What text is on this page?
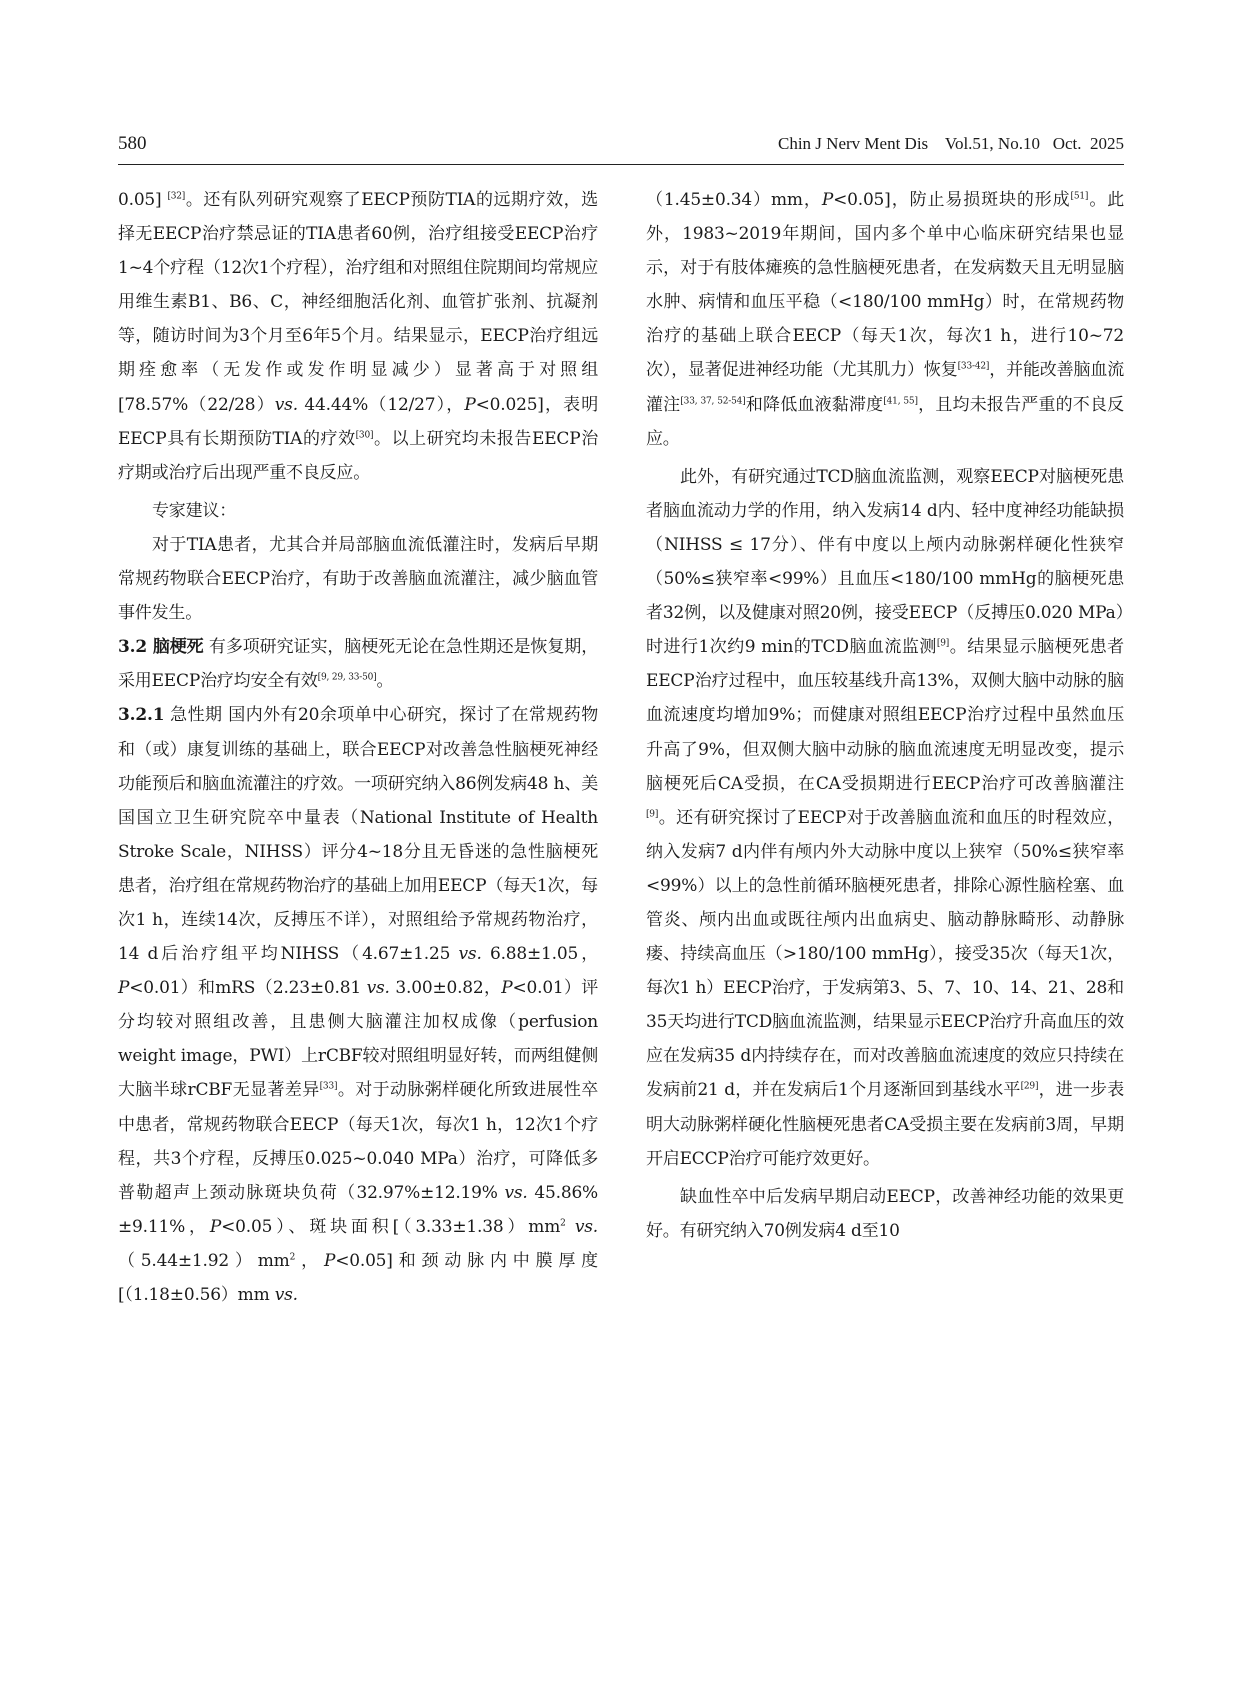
580	Chin J Nerv Ment Dis    Vol.51, No.10   Oct.  2025

0.05] [32]。还有队列研究观察了EECP预防TIA的远期疗效，选择无EECP治疗禁忌证的TIA患者60例，治疗组接受EECP治疗1~4个疗程（12次1个疗程），治疗组和对照组住院期间均常规应用维生素B1、B6、C，神经细胞活化剂、血管扩张剂、抗凝剂等，随访时间为3个月至6年5个月。结果显示，EECP治疗组远期痊愈率（无发作或发作明显减少）显著高于对照组[78.57%（22/28）vs. 44.44%（12/27），P<0.025]，表明EECP具有长期预防TIA的疗效[30]。以上研究均未报告EECP治疗期或治疗后出现严重不良反应。

专家建议：

对于TIA患者，尤其合并局部脑血流低灌注时，发病后早期常规药物联合EECP治疗，有助于改善脑血流灌注，减少脑血管事件发生。

3.2 脑梗死 有多项研究证实，脑梗死无论在急性期还是恢复期，采用EECP治疗均安全有效[9, 29, 33-50]。

3.2.1 急性期 国内外有20余项单中心研究，探讨了在常规药物和（或）康复训练的基础上，联合EECP对改善急性脑梗死神经功能预后和脑血流灌注的疗效。一项研究纳入86例发病48 h、美国国立卫生研究院卒中量表（National Institute of Health Stroke Scale，NIHSS）评分4~18分且无昏迷的急性脑梗死患者，治疗组在常规药物治疗的基础上加用EECP（每天1次，每次1 h，连续14次，反搏压不详），对照组给予常规药物治疗，14 d后治疗组平均NIHSS（4.67±1.25 vs. 6.88±1.05，P<0.01）和mRS（2.23±0.81 vs. 3.00±0.82，P<0.01）评分均较对照组改善，且患侧大脑灌注加权成像（perfusion weight image，PWI）上rCBF较对照组明显好转，而两组健侧大脑半球rCBF无显著差异[33]。对于动脉粥样硬化所致进展性卒中患者，常规药物联合EECP（每天1次，每次1 h，12次1个疗程，共3个疗程，反搏压0.025~0.040 MPa）治疗，可降低多普勒超声上颈动脉斑块负荷（32.97%±12.19% vs. 45.86%±9.11%，P<0.05）、斑块面积[$(3.33\pm 1.38)mm^2$ vs. $(5.44\pm 1.92)mm^2$，P<0.05]和颈动脉内中膜厚度[（1.18±0.56）mm vs.

（1.45±0.34）mm，P<0.05]，防止易损斑块的形成[51]。此外，1983~2019年期间，国内多个单中心临床研究结果也显示，对于有肢体瘫痪的急性脑梗死患者，在发病数天且无明显脑水肿、病情和血压平稳（<180/100 mmHg）时，在常规药物治疗的基础上联合EECP（每天1次，每次1 h，进行10~72次），显著促进神经功能（尤其肌力）恢复[33-42]，并能改善脑血流灌注[33, 37, 52-54]和降低血液黏滞度[41, 55]，且均未报告严重的不良反应。

此外，有研究通过TCD脑血流监测，观察EECP对脑梗死患者脑血流动力学的作用，纳入发病14 d内、轻中度神经功能缺损（NIHSS ≤ 17分）、伴有中度以上颅内动脉粥样硬化性狭窄（50%≤狭窄率<99%）且血压<180/100 mmHg的脑梗死患者32例，以及健康对照20例，接受EECP（反搏压0.020 MPa）时进行1次约9 min的TCD脑血流监测[9]。结果显示脑梗死患者EECP治疗过程中，血压较基线升高13%，双侧大脑中动脉的脑血流速度均增加9%；而健康对照组EECP治疗过程中虽然血压升高了9%，但双侧大脑中动脉的脑血流速度无明显改变，提示脑梗死后CA受损，在CA受损期进行EECP治疗可改善脑灌注[9]。还有研究探讨了EECP对于改善脑血流和血压的时程效应，纳入发病7 d内伴有颅内外大动脉中度以上狭窄（50%≤狭窄率<99%）以上的急性前循环脑梗死患者，排除心源性脑栓塞、血管炎、颅内出血或既往颅内出血病史、脑动静脉畸形、动静脉瘘、持续高血压（>180/100 mmHg），接受35次（每天1次，每次1 h）EECP治疗，于发病第3、5、7、10、14、21、28和35天均进行TCD脑血流监测，结果显示EECP治疗升高血压的效应在发病35 d内持续存在，而对改善脑血流速度的效应只持续在发病前21 d，并在发病后1个月逐渐回到基线水平[29]，进一步表明大动脉粥样硬化性脑梗死患者CA受损主要在发病前3周，早期开启ECCP治疗可能疗效更好。

缺血性卒中后发病早期启动EECP，改善神经功能的效果更好。有研究纳入70例发病4 d至10
